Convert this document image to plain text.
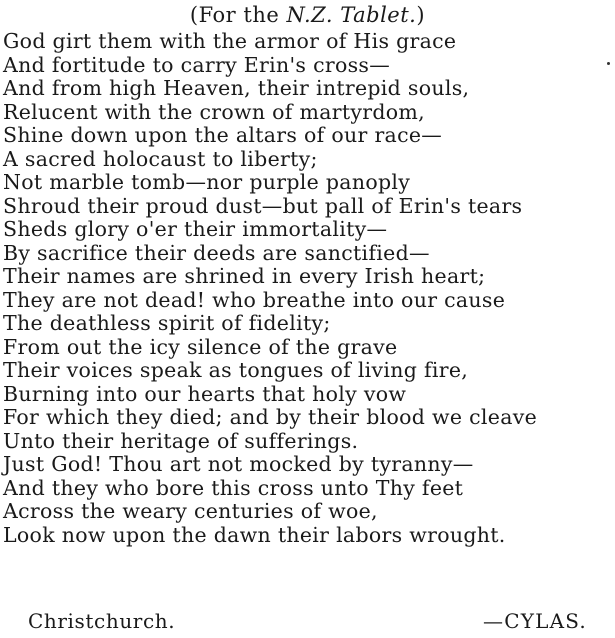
(For the N.Z. Tablet.)
God girt them with the armor of His grace
And fortitude to carry Erin's cross—
And from high Heaven, their intrepid souls,
Relucent with the crown of martyrdom,
Shine down upon the altars of our race—
A sacred holocaust to liberty;
Not marble tomb—nor purple panoply
Shroud their proud dust—but pall of Erin's tears
Sheds glory o'er their immortality—
By sacrifice their deeds are sanctified—
Their names are shrined in every Irish heart;
They are not dead! who breathe into our cause
The deathless spirit of fidelity;
From out the icy silence of the grave
Their voices speak as tongues of living fire,
Burning into our hearts that holy vow
For which they died; and by their blood we cleave
Unto their heritage of sufferings.
Just God! Thou art not mocked by tyranny—
And they who bore this cross unto Thy feet
Across the weary centuries of woe,
Look now upon the dawn their labors wrought.
Christchurch.	—CYLAS.
